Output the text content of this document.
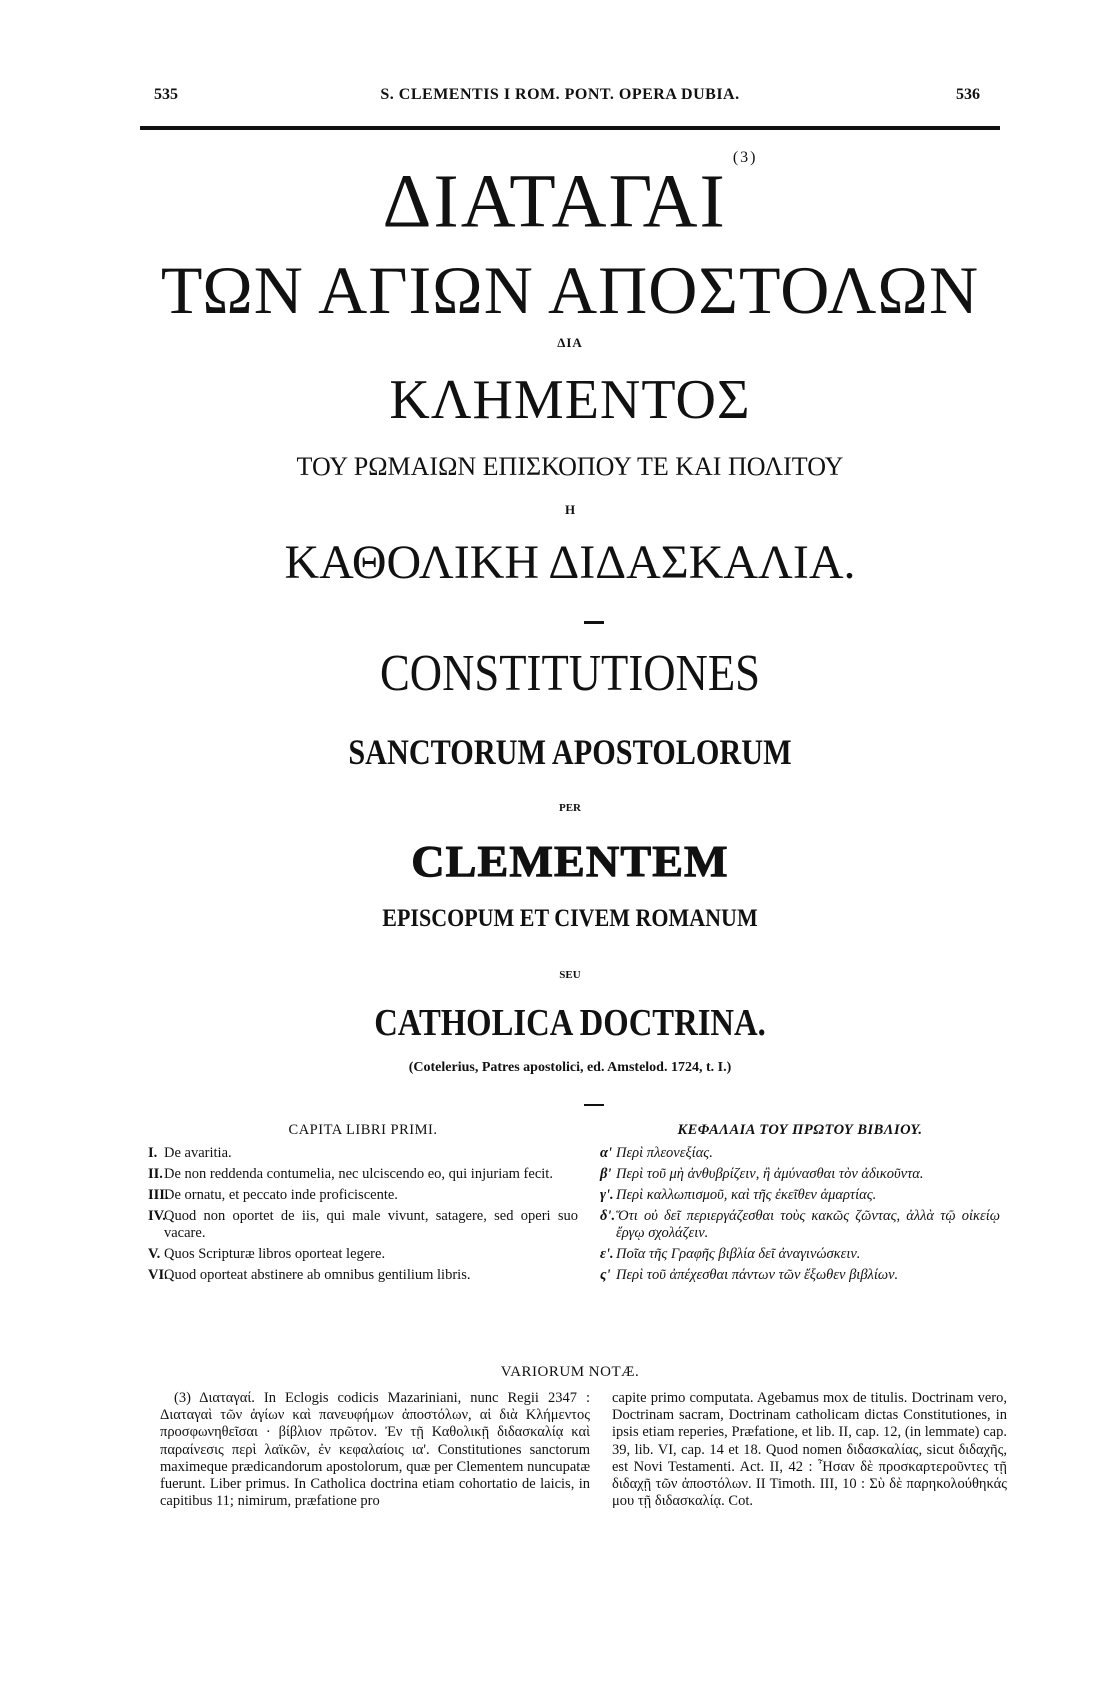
535	S. CLEMENTIS I ROM. PONT. OPERA DUBIA.	536
ΔΙΑΤΑΓΑΙ$^{(3)}$
ΤΩΝ ΑΓΙΩΝ ΑΠΟΣΤΟΛΩΝ
ΔΙΑ
ΚΛΗΜΕΝΤΟΣ
ΤΟΥ ΡΩΜΑΙΩΝ ΕΠΙΣΚΟΠΟΥ ΤΕ ΚΑΙ ΠΟΛΙΤΟΥ
Η
ΚΑΘΟΛΙΚΗ ΔΙΔΑΣΚΑΛΙΑ.
CONSTITUTIONES
SANCTORUM APOSTOLORUM
PER
CLEMENTEM
EPISCOPUM ET CIVEM ROMANUM
SEU
CATHOLICA DOCTRINA.
(Cotelerius, Patres apostolici, ed. Amstelod. 1724, t. I.)
CAPITA LIBRI PRIMI.
I. De avaritia.
II. De non reddenda contumelia, nec ulciscendo eo, qui injuriam fecit.
III.
De ornatu, et peccato inde proficiscente.
IV.
Quod non oportet de iis, qui male vivunt, satagere, sed operi suo vacare.
V. Quos Scripturæ libros oporteat legere.
VI.
Quod oporteat abstinere ab omnibus gentilium libris.
ΚΕΦΑΛΑΙΑ ΤΟΥ ΠΡΩΤΟΥ ΒΙΒΛΙΟΥ.
α' Περὶ πλεονεξίας.
β' Περὶ τοῦ μὴ ἀνθυβρίζειν, ἢ ἀμύνασθαι τὸν ἀδικοῦντα.
γ'. Περὶ καλλωπισμοῦ, καὶ τῆς ἐκεῖθεν ἁμαρτίας.
δ'. Ὅτι οὐ δεῖ περιεργάζεσθαι τοὺς κακῶς ζῶντας, ἀλλὰ τῷ οἰκείῳ ἔργῳ σχολάζειν.
ε'. Ποῖα τῆς Γραφῆς βιβλία δεῖ ἀναγινώσκειν.
ς' Περὶ τοῦ ἀπέχεσθαι πάντων τῶν ἔξωθεν βιβλίων.
VARIORUM NOTÆ.

(3) Διαταγαί. In Eclogis codicis Mazariniani, nunc Regii 2347 : Διαταγαὶ τῶν ἁγίων καὶ πανευφήμων ἀποστόλων, αἱ διὰ Κλήμεντος προσφωνηθεῖσαι · βίβλιον πρῶτον. Ἐν τῇ Καθολικῇ διδασκαλίᾳ καὶ παραίνεσις περὶ λαϊκῶν, ἐν κεφαλαίοις ια'. Constitutiones sanctorum maximeque prædicandorum apostolorum, quæ per Clementem nuncupatæ fuerunt. Liber primus. In Catholica doctrina etiam cohortatio de laicis, in capitibus 11; nimirum, præfatione pro

capite primo computata. Agebamus mox de titulis. Doctrinam vero, Doctrinam sacram, Doctrinam catholicam dictas Constitutiones, in ipsis etiam reperies, Præfatione, et lib. II, cap. 12, (in lemmate) cap. 39, lib. VI, cap. 14 et 18. Quod nomen διδασκαλίας, sicut διδαχῆς, est Novi Testamenti. Act. II, 42 : Ἦσαν δὲ προσκαρτεροῦντες τῇ διδαχῇ τῶν ἀποστόλων. II Timoth. III, 10 : Σὺ δὲ παρηκολούθηκάς μου τῇ διδασκαλίᾳ. Cot.
